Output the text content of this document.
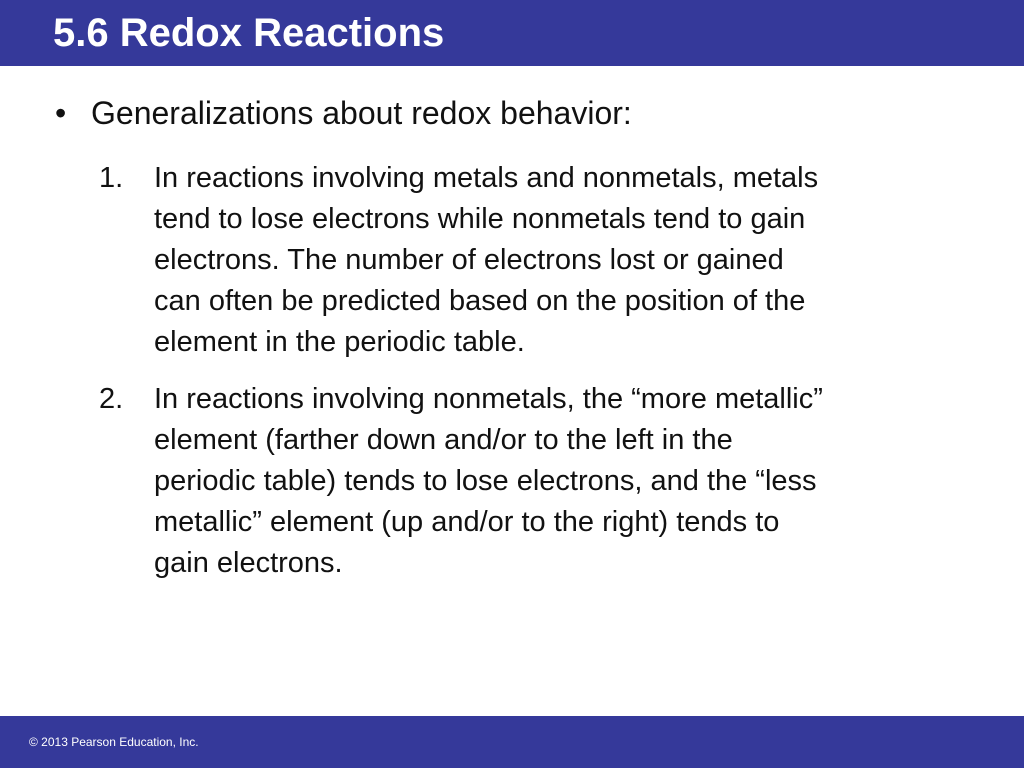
5.6 Redox Reactions
• Generalizations about redox behavior:
1. In reactions involving metals and nonmetals, metals
tend to lose electrons while nonmetals tend to gain
electrons. The number of electrons lost or gained
can often be predicted based on the position of the
element in the periodic table.
2. In reactions involving nonmetals, the “more metallic”
element (farther down and/or to the left in the
periodic table) tends to lose electrons, and the “less
metallic” element (up and/or to the right) tends to
gain electrons.
© 2013 Pearson Education, Inc.
